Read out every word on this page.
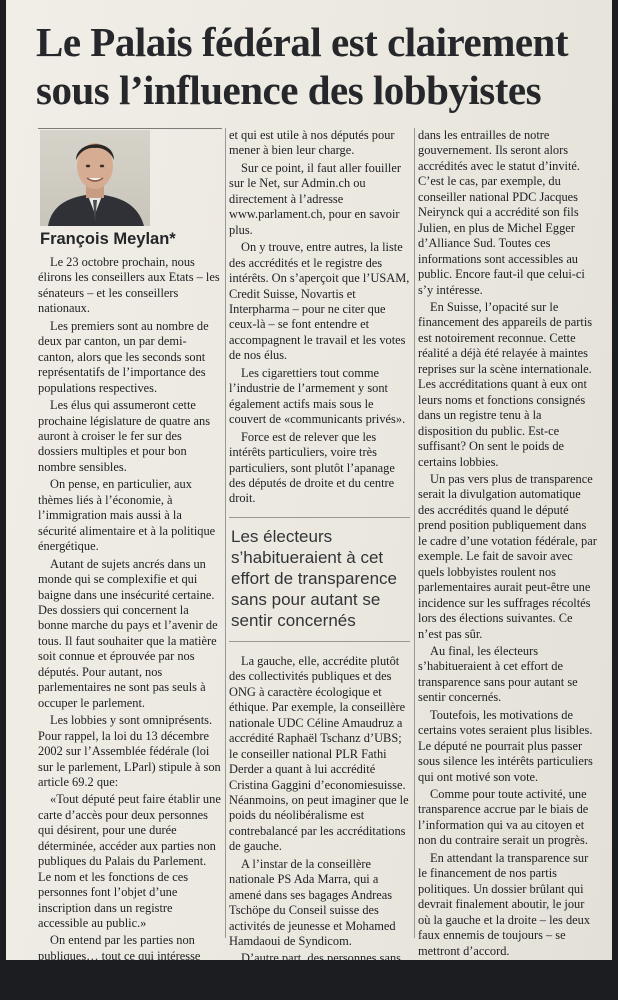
Le Palais fédéral est clairement
sous l’influence des lobbyistes
François Meylan*

Le 23 octobre prochain, nous élirons les conseillers aux Etats – les sénateurs – et les conseillers nationaux.

Les premiers sont au nombre de deux par canton, un par demi-canton, alors que les seconds sont représentatifs de l’importance des populations respectives.

Les élus qui assumeront cette prochaine législature de quatre ans auront à croiser le fer sur des dossiers multiples et pour bon nombre sensibles.

On pense, en particulier, aux thèmes liés à l’économie, à l’immigration mais aussi à la sécurité alimentaire et à la politique énergétique.

Autant de sujets ancrés dans un monde qui se complexifie et qui baigne dans une insécurité certaine. Des dossiers qui concernent la bonne marche du pays et l’avenir de tous. Il faut souhaiter que la matière soit connue et éprouvée par nos députés. Pour autant, nos parlementaires ne sont pas seuls à occuper le parlement.

Les lobbies y sont omniprésents. Pour rappel, la loi du 13 décembre 2002 sur l’Assemblée fédérale (loi sur le parlement, LParl) stipule à son article 69.2 que:

«Tout député peut faire établir une carte d’accès pour deux personnes qui désirent, pour une durée déterminée, accéder aux parties non publiques du Palais du Parlement. Le nom et les fonctions de ces personnes font l’objet d’une inscription dans un registre accessible au public.»

On entend par les parties non publiques… tout ce qui intéresse

et qui est utile à nos députés pour mener à bien leur charge.

Sur ce point, il faut aller fouiller sur le Net, sur Admin.ch ou directement à l’adresse www.parlament.ch, pour en savoir plus.

On y trouve, entre autres, la liste des accrédités et le registre des intérêts. On s’aperçoit que l’USAM, Credit Suisse, Novartis et Interpharma – pour ne citer que ceux-là – se font entendre et accompagnent le travail et les votes de nos élus.

Les cigarettiers tout comme l’industrie de l’armement y sont également actifs mais sous le couvert de «communicants privés».

Force est de relever que les intérêts particuliers, voire très particuliers, sont plutôt l’apanage des députés de droite et du centre droit.

Les électeurs s’habitueraient à cet effort de transparence sans pour autant se sentir concernés

La gauche, elle, accrédite plutôt des collectivités publiques et des ONG à caractère écologique et éthique. Par exemple, la conseillère nationale UDC Céline Amaudruz a accrédité Raphaël Tschanz d’UBS; le conseiller national PLR Fathi Derder a quant à lui accrédité Cristina Gaggini d’economiesuisse. Néanmoins, on peut imaginer que le poids du néolibéralisme est contrebalancé par les accréditations de gauche.

A l’instar de la conseillère nationale PS Ada Marra, qui a amené dans ses bagages Andreas Tschöpe du Conseil suisse des activités de jeunesse et Mohamed Hamdaoui de Syndicom.

D’autre part, des personnes sans fonction particulière peuvent également aller et venir

dans les entrailles de notre gouvernement. Ils seront alors accrédités avec le statut d’invité. C’est le cas, par exemple, du conseiller national PDC Jacques Neirynck qui a accrédité son fils Julien, en plus de Michel Egger d’Alliance Sud. Toutes ces informations sont accessibles au public. Encore faut-il que celui-ci s’y intéresse.

En Suisse, l’opacité sur le financement des appareils de partis est notoirement reconnue. Cette réalité a déjà été relayée à maintes reprises sur la scène internationale. Les accréditations quant à eux ont leurs noms et fonctions consignés dans un registre tenu à la disposition du public. Est-ce suffisant? On sent le poids de certains lobbies.

Un pas vers plus de transparence serait la divulgation automatique des accrédités quand le député prend position publiquement dans le cadre d’une votation fédérale, par exemple. Le fait de savoir avec quels lobbyistes roulent nos parlementaires aurait peut-être une incidence sur les suffrages récoltés lors des élections suivantes. Ce n’est pas sûr.

Au final, les électeurs s’habitueraient à cet effort de transparence sans pour autant se sentir concernés.

Toutefois, les motivations de certains votes seraient plus lisibles. Le député ne pourrait plus passer sous silence les intérêts particuliers qui ont motivé son vote.

Comme pour toute activité, une transparence accrue par le biais de l’information qui va au citoyen et non du contraire serait un progrès.

En attendant la transparence sur le financement de nos partis politiques. Un dossier brûlant qui devrait finalement aboutir, le jour où la gauche et la droite – les deux faux ennemis de toujours – se mettront d’accord.

* Directeur, Meylan Finance
